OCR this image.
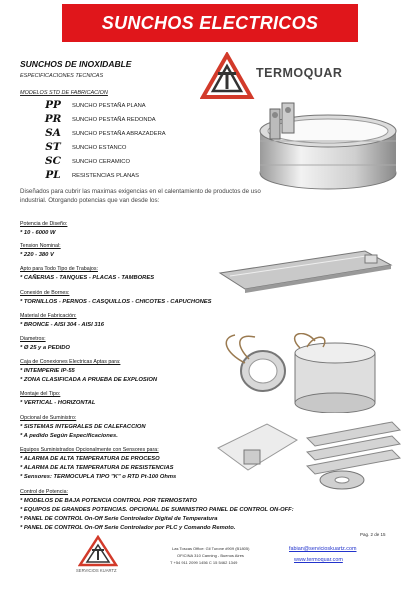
SUNCHOS ELECTRICOS
TERMOQUAR
SUNCHOS DE INOXIDABLE
ESPECIFICACIONES TECNICAS
MODELOS STD DE FABRICACION
PP	SUNCHO PESTAÑA PLANA
PR SUNCHO PESTAÑA REDONDA
SA	SUNCHO PESTAÑA ABRAZADERA
ST	SUNCHO ESTANCO
SC	SUNCHO CERAMICO
PL	RESISTENCIAS PLANAS
Diseñados para cubrir las maximas exigencias en el calentamiento de productos de uso industrial. Otorgando potencias que van desde los:
Potencia de Diseño:
* 10 - 6000 W
Tension Nominal:
* 220 - 380 V
Apto para Todo Tipo de Trabajos:
* CAÑERIAS - TANQUES - PLACAS - TAMBORES
Conexión de Bornes:
* TORNILLOS - PERNOS - CASQUILLOS - CHICOTES - CAPUCHONES
Material de Fabricación:
* BRONCE - AISI 304 - AISI 316
Diametros:
* Ø 25 y a PEDIDO
Caja de Conexiones Electricas Aptas para:
* INTEMPERIE IP-55
* ZONA CLASIFICADA A PRUEBA DE EXPLOSION
Montaje del Tipo:
* VERTICAL - HORIZONTAL
Opcional de Suministro:
* SISTEMAS INTEGRALES DE CALEFACCION
* A pedido Según Especificaciones.
Equipos Suministrados Opcionalmente con Sensores para:
* ALARMA DE ALTA TEMPERATURA DE PROCESO
* ALARMA DE ALTA TEMPERATURA DE RESISTENCIAS
* Sensores: TERMOCUPLA TIPO "K" o RTD Pt-100 Ohms
Control de Potencia:
* MODELOS DE BAJA POTENCIA CONTROL POR TERMOSTATO
* EQUIPOS DE GRANDES POTENCIAS. OPCIONAL DE SUMINISTRO PANEL DE CONTROL ON-OFF:
* PANEL DE CONTROL On-Off Serie Controlador Digital de Temperatura
* PANEL DE CONTROL On-Off Serie Controlador por PLC y Comando Remoto.
Pag. 2 de 15
SERVICIOS KUARTZ
Las Toscas Office: Gil Turone #909 (B1805)
OFICINA 310 Canning - Buenos Aires
T +54 911 2099 1456 C 15 5462 1349
fabian@servicioskuartz.com
www.termoquar.com
